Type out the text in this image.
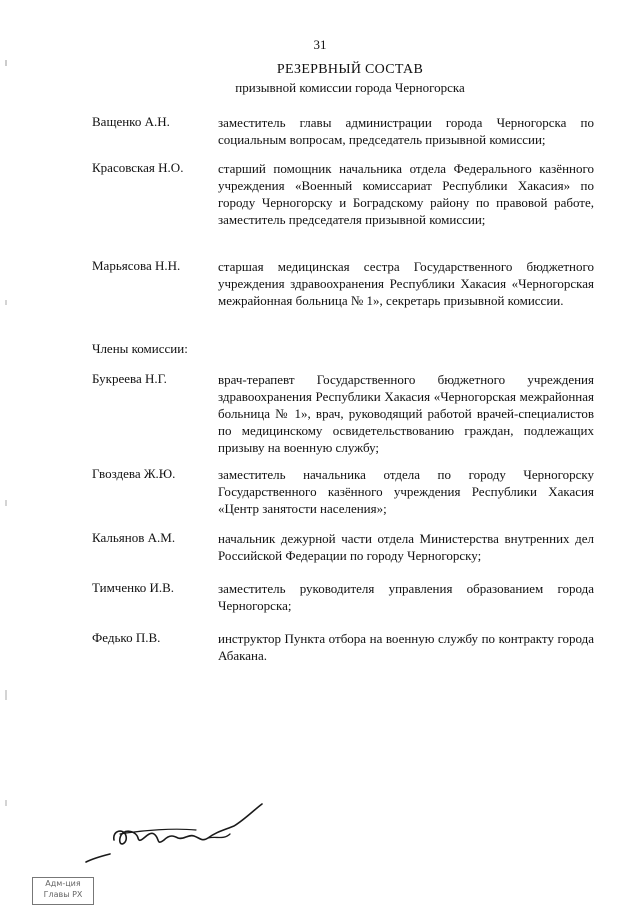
31
РЕЗЕРВНЫЙ СОСТАВ
призывной комиссии города Черногорска
Ващенко А.Н.	заместитель главы администрации города Черногорска по социальным вопросам, председатель призывной комиссии;
Красовская Н.О.	старший помощник начальника отдела Федерального казённого учреждения «Военный комиссариат Республики Хакасия» по городу Черногорску и Боградскому району по правовой работе, заместитель председателя призывной комиссии;
Марьясова Н.Н.	старшая медицинская сестра Государственного бюджетного учреждения здравоохранения Республики Хакасия «Черногорская межрайонная больница № 1», секретарь призывной комиссии.
Члены комиссии:
Букреева Н.Г.	врач-терапевт Государственного бюджетного учреждения здравоохранения Республики Хакасия «Черногорская межрайонная больница № 1», врач, руководящий работой врачей-специалистов по медицинскому освидетельствованию граждан, подлежащих призыву на военную службу;
Гвоздева Ж.Ю.	заместитель начальника отдела по городу Черногорску Государственного казённого учреждения Республики Хакасия «Центр занятости населения»;
Кальянов А.М.	начальник дежурной части отдела Министерства внутренних дел Российской Федерации по городу Черногорску;
Тимченко И.В.	заместитель руководителя управления образованием города Черногорска;
Федько П.В.	инструктор Пункта отбора на военную службу по контракту города Абакана.
Адм-ция
Главы РХ
